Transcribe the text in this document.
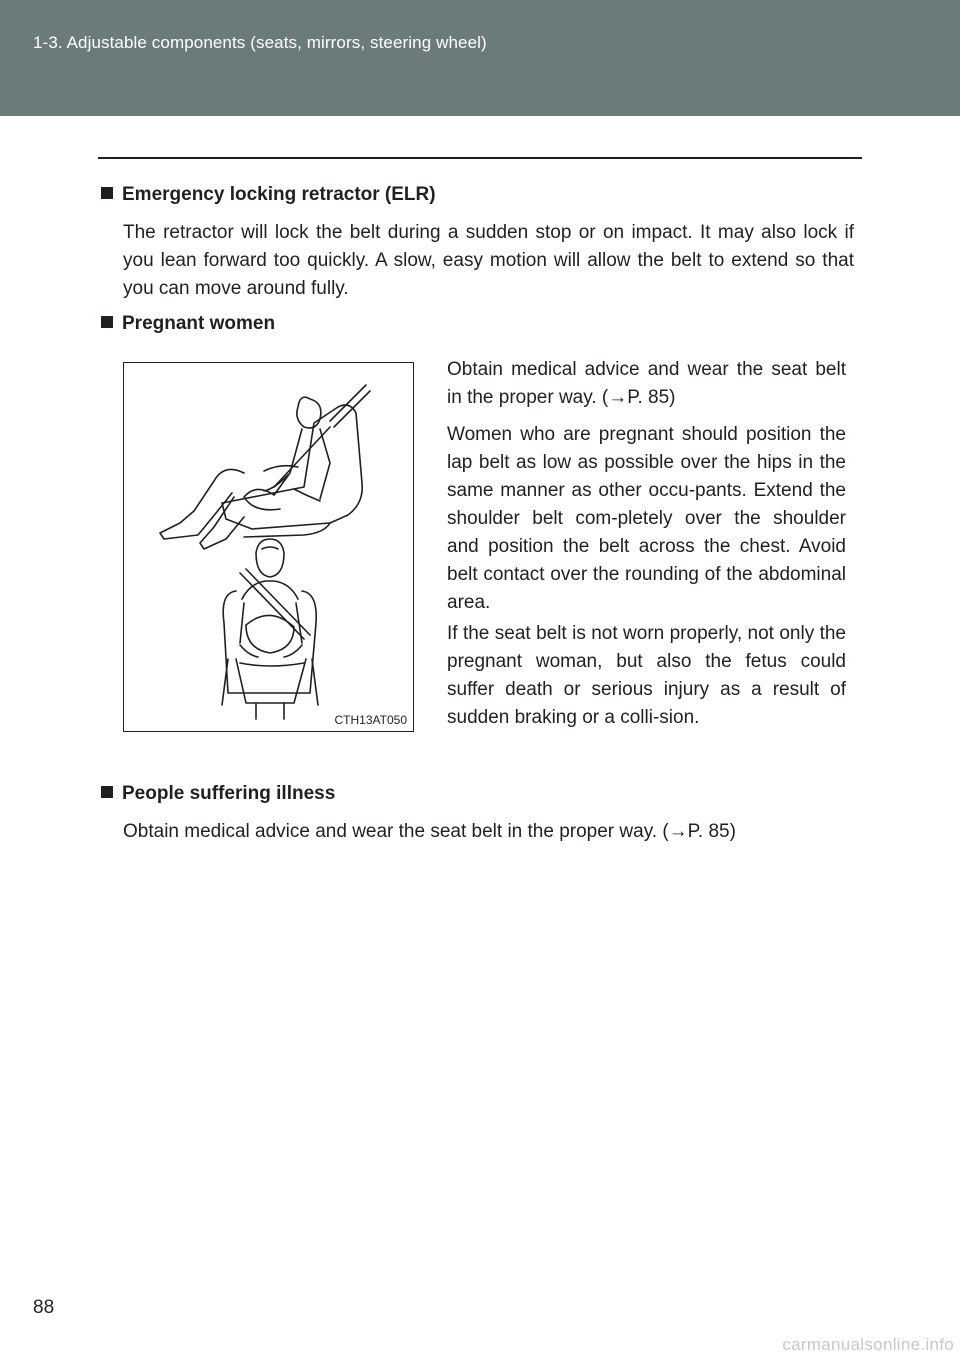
1-3. Adjustable components (seats, mirrors, steering wheel)
Emergency locking retractor (ELR)
The retractor will lock the belt during a sudden stop or on impact. It may also lock if you lean forward too quickly. A slow, easy motion will allow the belt to extend so that you can move around fully.
Pregnant women
CTH13AT050
Obtain medical advice and wear the seat belt in the proper way. (→P. 85)
Women who are pregnant should position the lap belt as low as possible over the hips in the same manner as other occu-pants. Extend the shoulder belt com-pletely over the shoulder and position the belt across the chest. Avoid belt contact over the rounding of the abdominal area.
If the seat belt is not worn properly, not only the pregnant woman, but also the fetus could suffer death or serious injury as a result of sudden braking or a colli-sion.
People suffering illness
Obtain medical advice and wear the seat belt in the proper way. (→P. 85)
88
carmanualsonline.info
